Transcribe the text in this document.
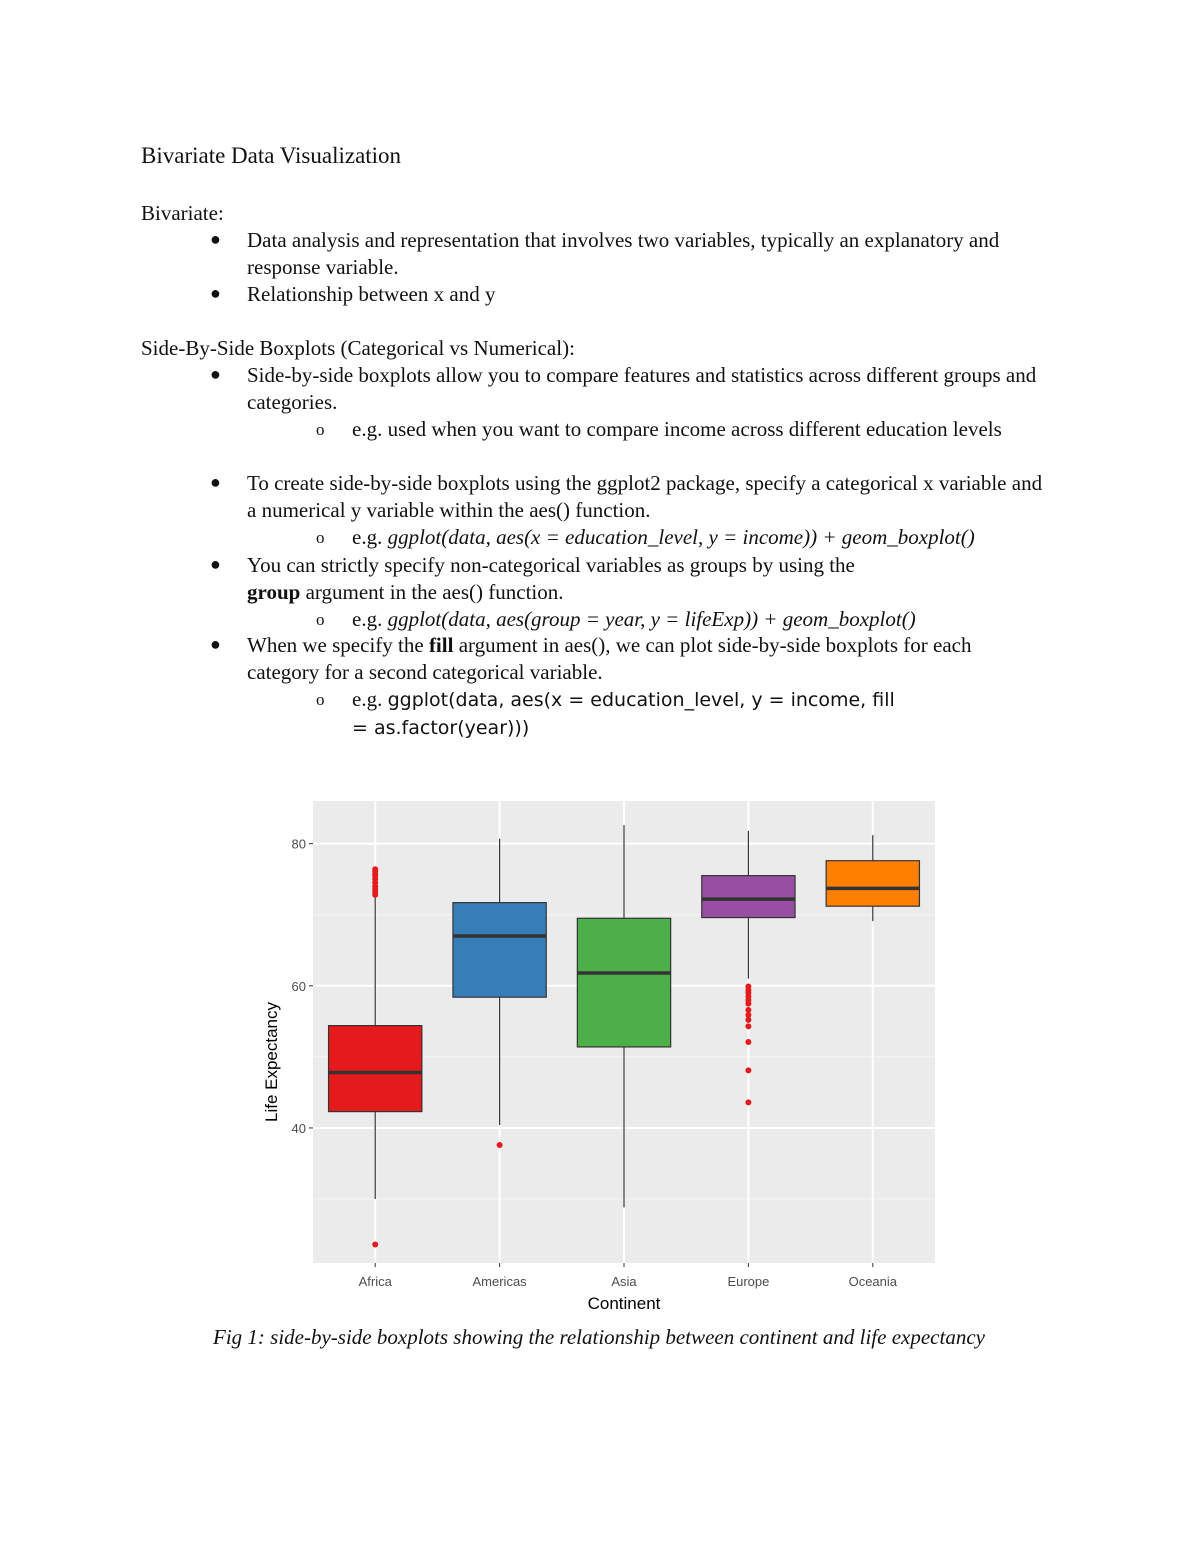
Bivariate Data Visualization
Bivariate:
● Data analysis and representation that involves two variables, typically an explanatory and response variable.
● Relationship between x and y
Side-By-Side Boxplots (Categorical vs Numerical):
● Side-by-side boxplots allow you to compare features and statistics across different groups and categories.
o e.g. used when you want to compare income across different education levels
● To create side-by-side boxplots using the ggplot2 package, specify a categorical x variable and a numerical y variable within the aes() function.
o e.g. ggplot(data, aes(x = education_level, y = income)) + geom_boxplot()
● You can strictly specify non-categorical variables as groups by using the group argument in the aes() function.
o e.g. ggplot(data, aes(group = year, y = lifeExp)) + geom_boxplot()
● When we specify the fill argument in aes(), we can plot side-by-side boxplots for each category for a second categorical variable.
o e.g. ggplot(data, aes(x = education_level, y = income, fill = as.factor(year)))
40
60
80
Africa	Americas	Asia	Europe	Oceania
Continent
Life Expectancy
Fig 1: side-by-side boxplots showing the relationship between continent and life expectancy
